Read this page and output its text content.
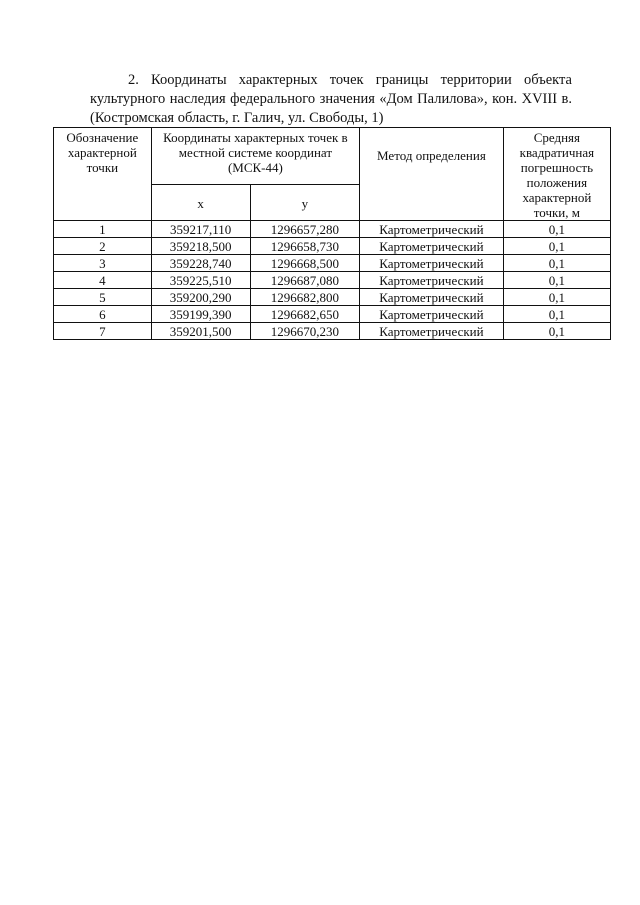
2. Координаты характерных точек границы территории объекта культурного наследия федерального значения «Дом Палилова», кон. XVIII в. (Костромская область, г. Галич, ул. Свободы, 1)

Обозначение характерной точки	Координаты характерных точек в местной системе координат (МСК-44)		Метод определения	Средняя квадратичная погрешность положения характерной точки, м
	x	y		
1	359217,110	1296657,280	Картометрический	0,1
2	359218,500	1296658,730	Картометрический	0,1
3	359228,740	1296668,500	Картометрический	0,1
4	359225,510	1296687,080	Картометрический	0,1
5	359200,290	1296682,800	Картометрический	0,1
6	359199,390	1296682,650	Картометрический	0,1
7	359201,500	1296670,230	Картометрический	0,1
